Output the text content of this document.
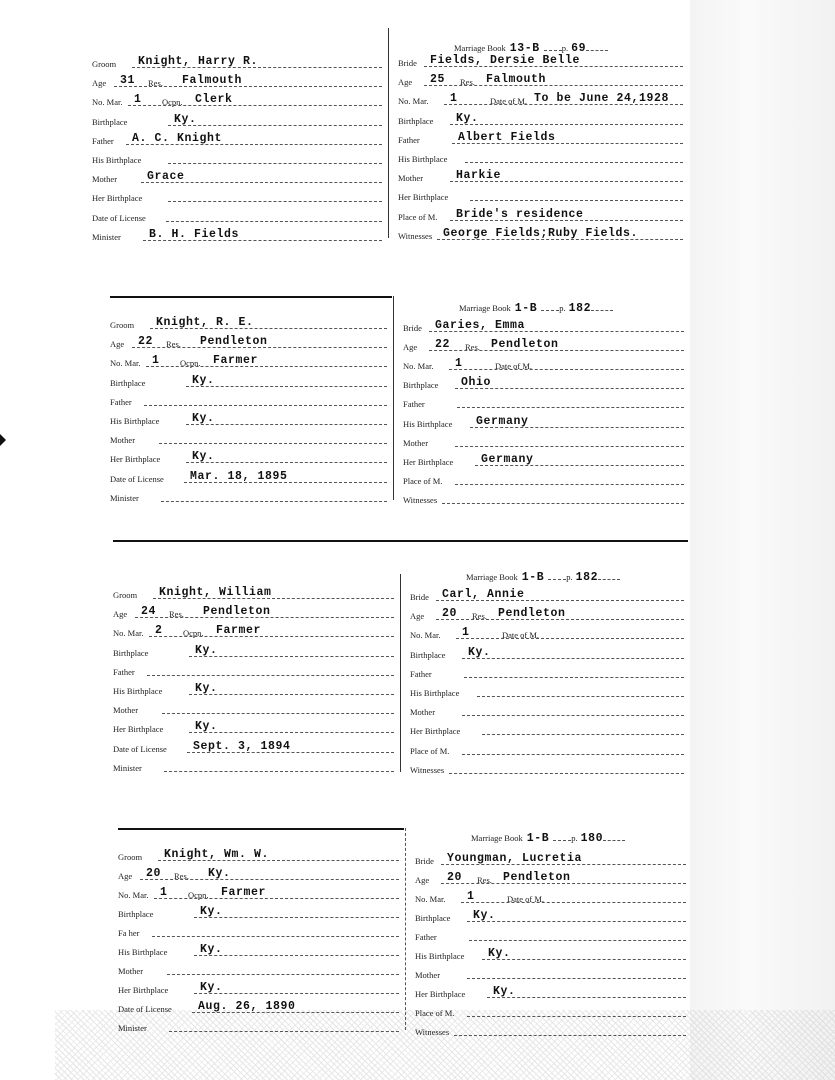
Groom Knight, Harry R.
Age 31 Res. Falmouth
No. Mar. 1 Ocpn. Clerk
Birthplace	Ky.
Father A. C. Knight
His Birthplace
Mother	Grace
Her Birthplace
Date of License
Minister B. H. Fields
Marriage Book 13-B	p. 69
Bride Fields, Dersie Belle
Age 25 Res. Falmouth
No. Mar. 1	Date of M. To be June 24,1928
Birthplace Ky.
Father	Albert Fields
His Birthplace
Mother	Harkie
Her Birthplace
Place of M. Bride's residence
Witnesses George Fields;Ruby Fields.
Groom Knight, R. E.
Age 22 Res. Pendleton
No. Mar. 1 Ocpn. Farmer
Birthplace	Ky.
Father
His Birthplace	Ky.
Mother
Her Birthplace	Ky.
Date of License Mar. 18, 1895
Minister
Marriage Book 1-B	p. 182
Bride Garies, Emma
Age 22 Res. Pendleton
No. Mar. 1	Date of M.
Birthplace Ohio
Father
His Birthplace Germany
Mother
Her Birthplace Germany
Place of M.
Witnesses
Groom Knight, William
Age 24 Res. Pendleton
No. Mar. 2 Ocpn. Farmer
Birthplace	Ky.
Father
His Birthplace	Ky.
Mother
Her Birthplace	Ky.
Date of License Sept. 3, 1894
Minister
Marriage Book 1-B	p. 182
Bride Carl, Annie
Age 20 Res. Pendleton
No. Mar. 1	Date of M.
Birthplace Ky.
Father
His Birthplace
Mother
Her Birthplace
Place of M.
Witnesses
Groom Knight, Wm. W.
Age 20 Res. Ky.
No. Mar. 1 Ocpn. Farmer
Birthplace	Ky.
Fa her
His Birthplace	Ky.
Mother
Her Birthplace	Ky.
Date of License Aug. 26, 1890
Minister
Marriage Book 1-B	p. 180
Bride Youngman, Lucretia
Age 20 Res. Pendleton
No. Mar. 1	Date of M.
Birthplace Ky.
Father
His Birthplace Ky.
Mother
Her Birthplace Ky.
Place of M.
Witnesses
